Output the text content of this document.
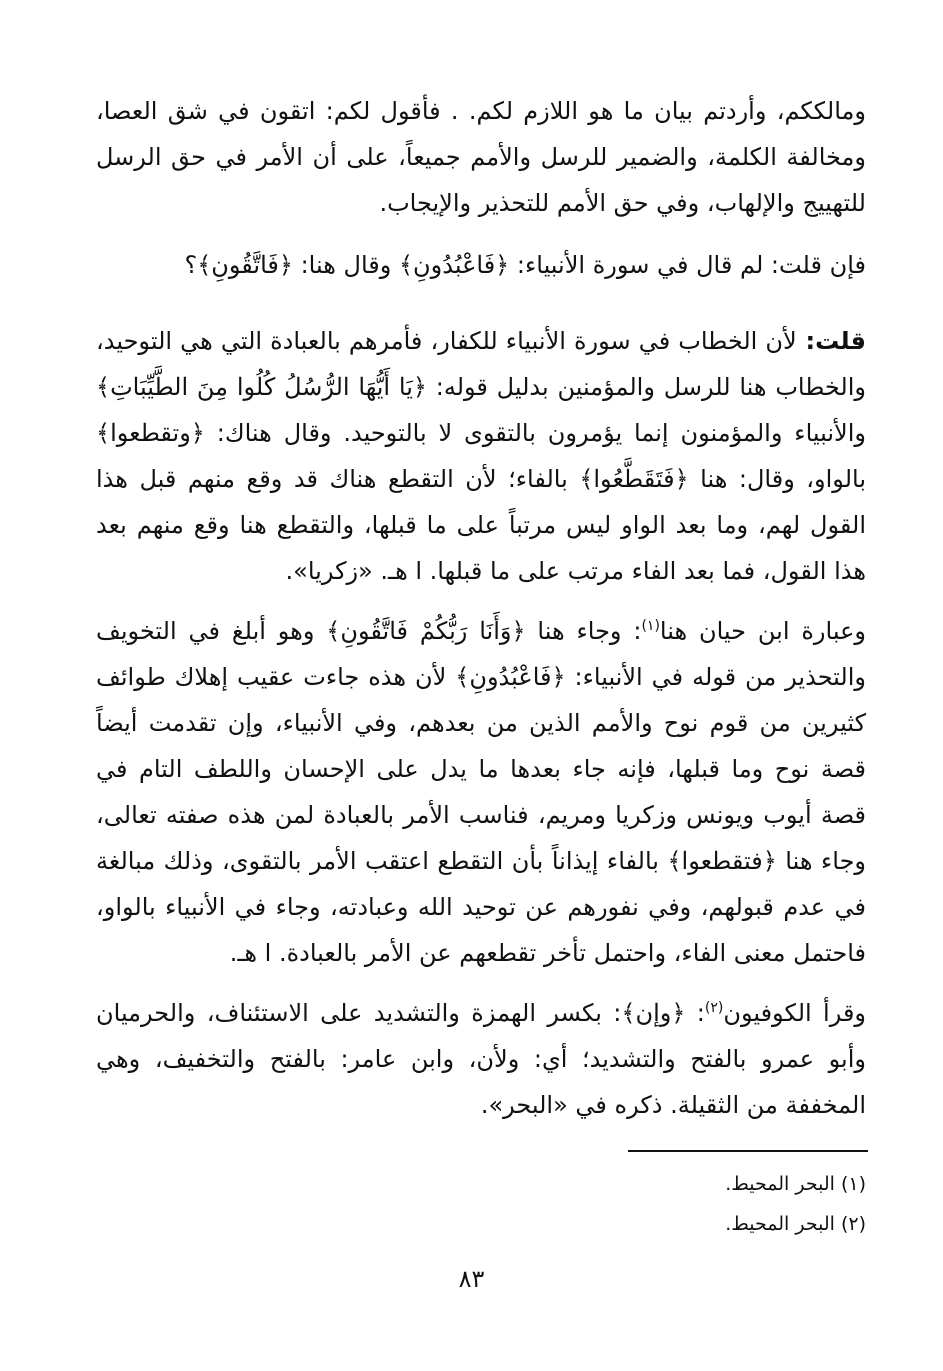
ومالككم، وأردتم بيان ما هو اللازم لكم. . فأقول لكم: اتقون في شق العصا، ومخالفة الكلمة، والضمير للرسل والأمم جميعاً، على أن الأمر في حق الرسل للتهييج والإلهاب، وفي حق الأمم للتحذير والإيجاب.
فإن قلت: لم قال في سورة الأنبياء: ﴿فَاعْبُدُونِ﴾ وقال هنا: ﴿فَاتَّقُونِ﴾؟
قلت: لأن الخطاب في سورة الأنبياء للكفار، فأمرهم بالعبادة التي هي التوحيد، والخطاب هنا للرسل والمؤمنين بدليل قوله: ﴿يَا أَيُّهَا الرُّسُلُ كُلُوا مِنَ الطَّيِّبَاتِ﴾ والأنبياء والمؤمنون إنما يؤمرون بالتقوى لا بالتوحيد. وقال هناك: ﴿وتقطعوا﴾ بالواو، وقال: هنا ﴿فَتَقَطَّعُوا﴾ بالفاء؛ لأن التقطع هناك قد وقع منهم قبل هذا القول لهم، وما بعد الواو ليس مرتباً على ما قبلها، والتقطع هنا وقع منهم بعد هذا القول، فما بعد الفاء مرتب على ما قبلها. ا هـ. «زكريا».
وعبارة ابن حيان هنا$^{(١)}$: وجاء هنا ﴿وَأَنَا رَبُّكُمْ فَاتَّقُونِ﴾ وهو أبلغ في التخويف والتحذير من قوله في الأنبياء: ﴿فَاعْبُدُونِ﴾ لأن هذه جاءت عقيب إهلاك طوائف كثيرين من قوم نوح والأمم الذين من بعدهم، وفي الأنبياء، وإن تقدمت أيضاً قصة نوح وما قبلها، فإنه جاء بعدها ما يدل على الإحسان واللطف التام في قصة أيوب ويونس وزكريا ومريم، فناسب الأمر بالعبادة لمن هذه صفته تعالى، وجاء هنا ﴿فتقطعوا﴾ بالفاء إيذاناً بأن التقطع اعتقب الأمر بالتقوى، وذلك مبالغة في عدم قبولهم، وفي نفورهم عن توحيد الله وعبادته، وجاء في الأنبياء بالواو، فاحتمل معنى الفاء، واحتمل تأخر تقطعهم عن الأمر بالعبادة. ا هـ.
وقرأ الكوفيون$^{(٢)}$: ﴿وإن﴾: بكسر الهمزة والتشديد على الاستئناف، والحرميان وأبو عمرو بالفتح والتشديد؛ أي: ولأن، وابن عامر: بالفتح والتخفيف، وهي المخففة من الثقيلة. ذكره في «البحر».
(١) البحر المحيط.
(٢) البحر المحيط.
٨٣
